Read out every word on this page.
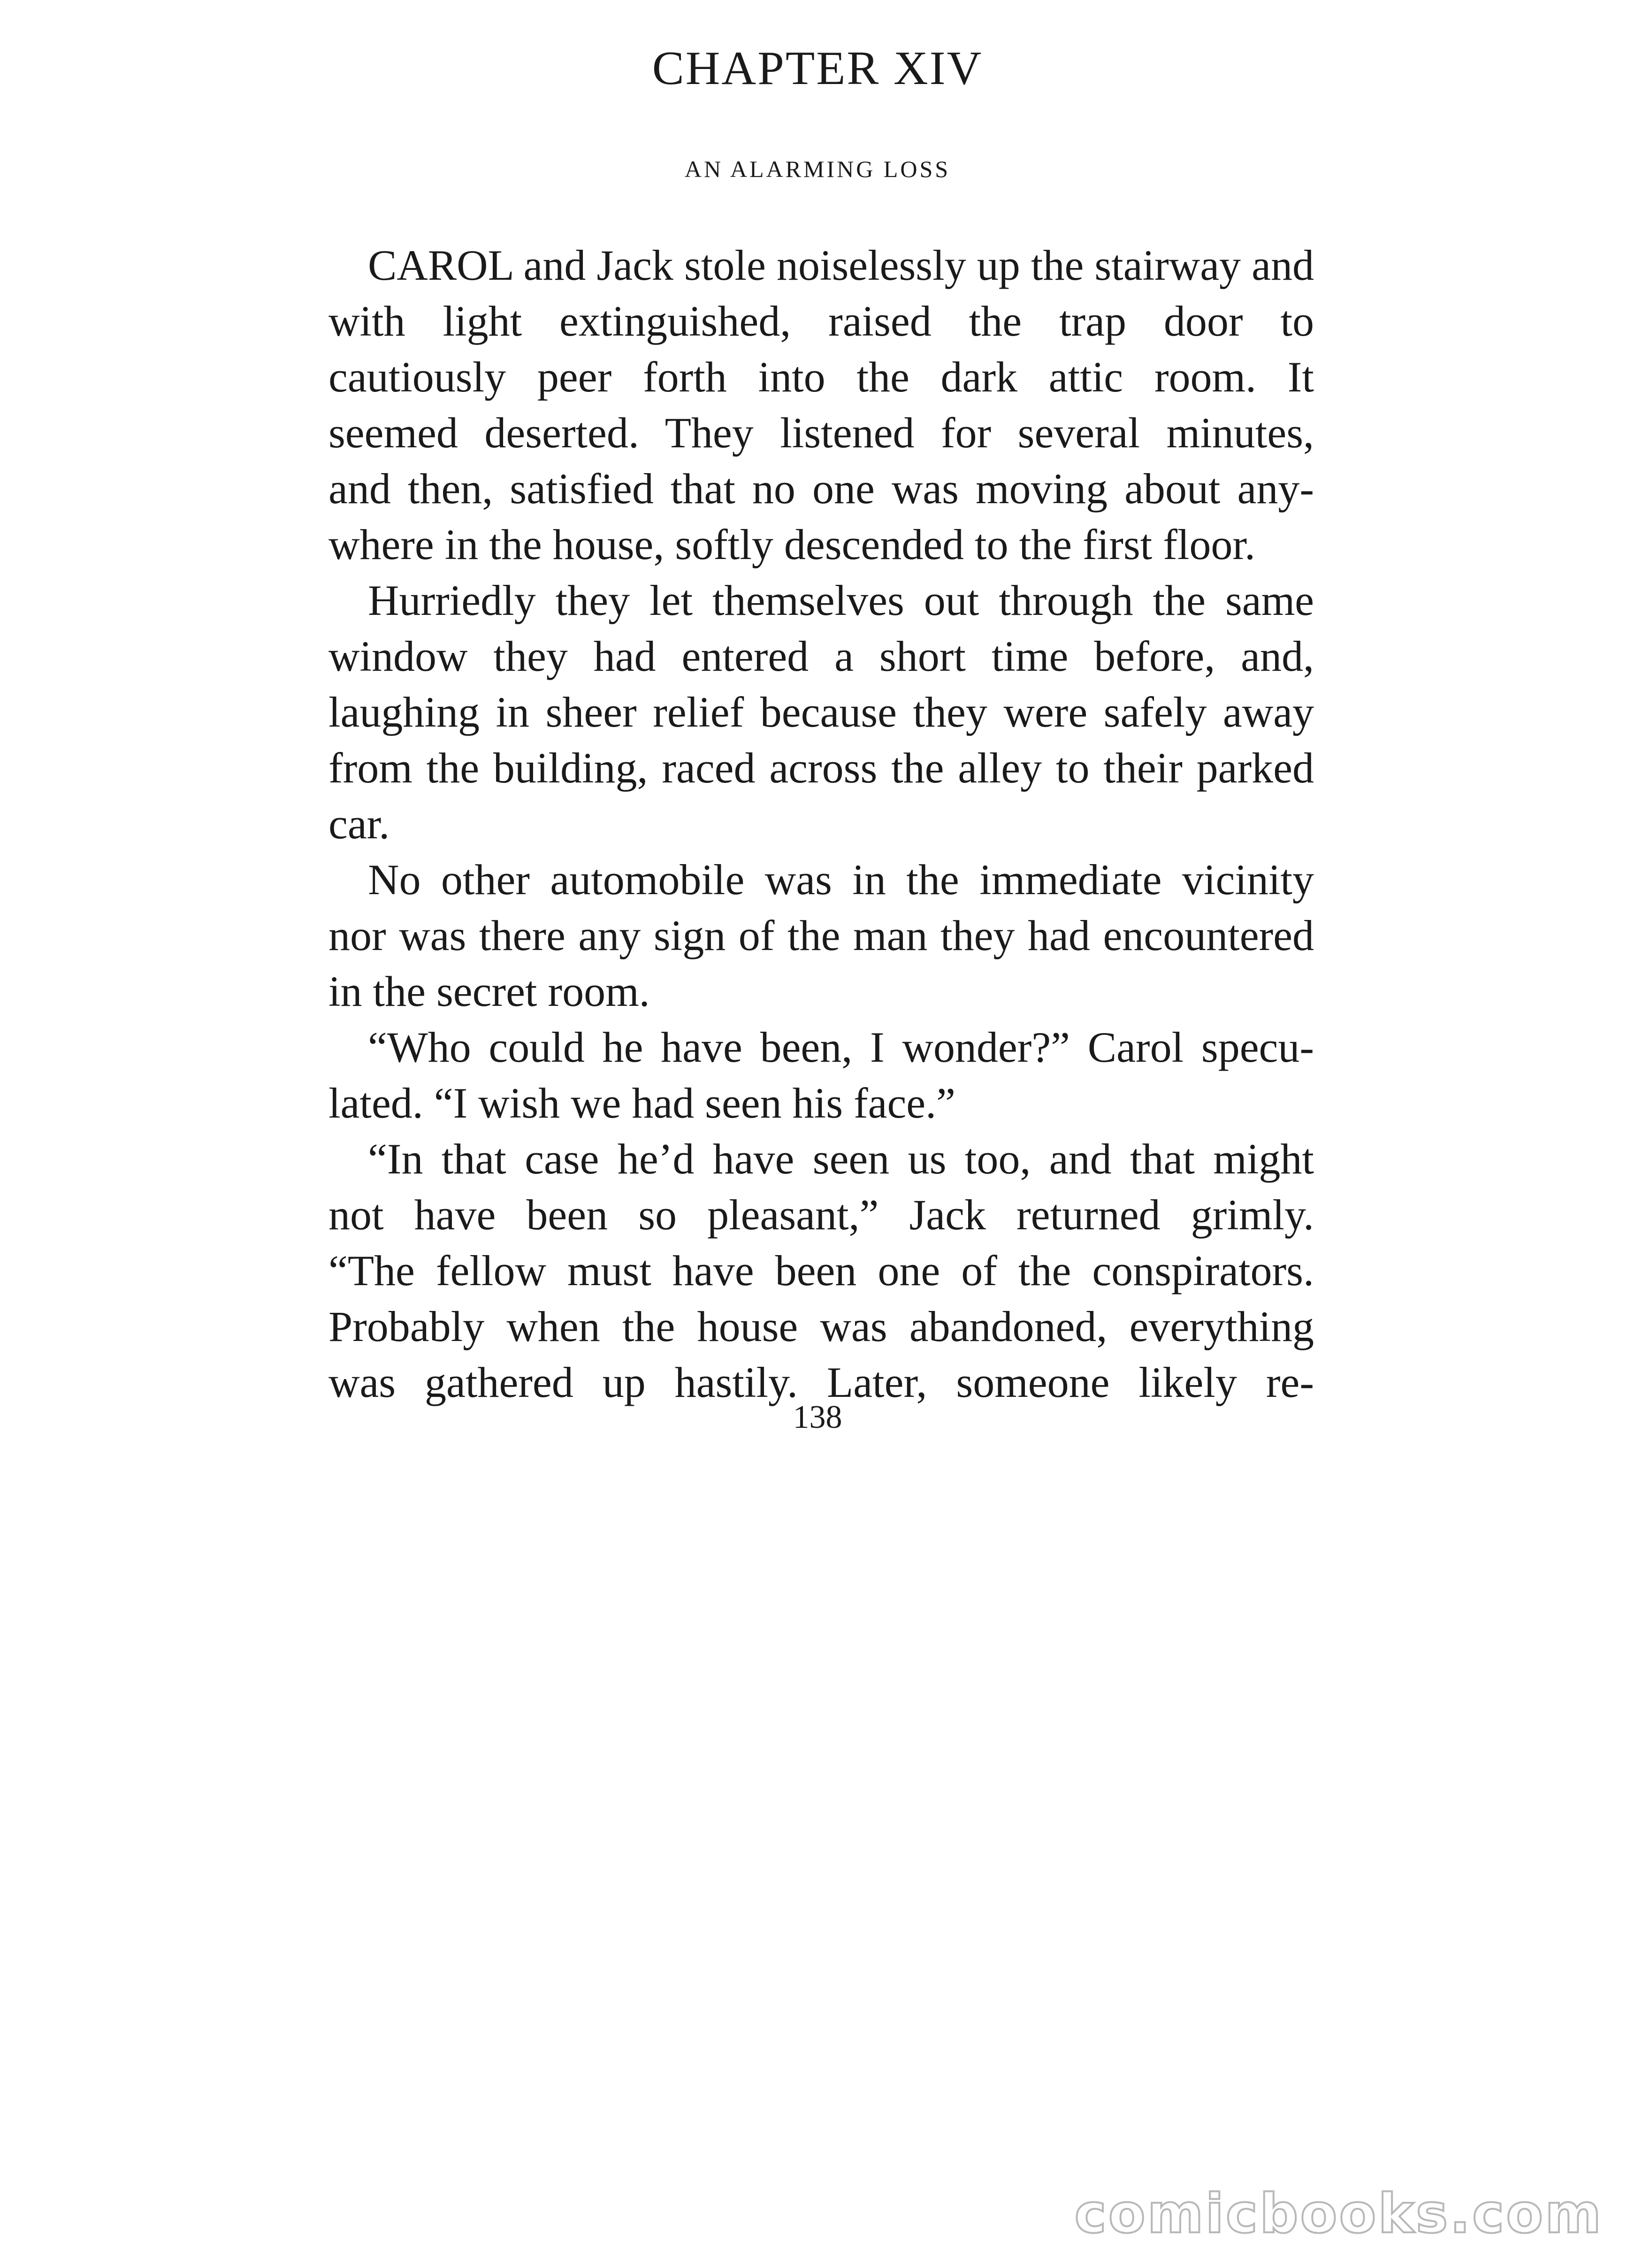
CHAPTER XIV
AN ALARMING LOSS
CAROL and Jack stole noiselessly up the stairway and
with light extinguished, raised the trap door to
cautiously peer forth into the dark attic room. It
seemed deserted. They listened for several minutes,
and then, satisfied that no one was moving about any-
where in the house, softly descended to the first floor.
Hurriedly they let themselves out through the same
window they had entered a short time before, and,
laughing in sheer relief because they were safely away
from the building, raced across the alley to their parked
car.
No other automobile was in the immediate vicinity
nor was there any sign of the man they had encountered
in the secret room.
“Who could he have been, I wonder?” Carol specu-
lated. “I wish we had seen his face.”
“In that case he’d have seen us too, and that might
not have been so pleasant,” Jack returned grimly.
“The fellow must have been one of the conspirators.
Probably when the house was abandoned, everything
was gathered up hastily. Later, someone likely re-
138
comicbooks.com
